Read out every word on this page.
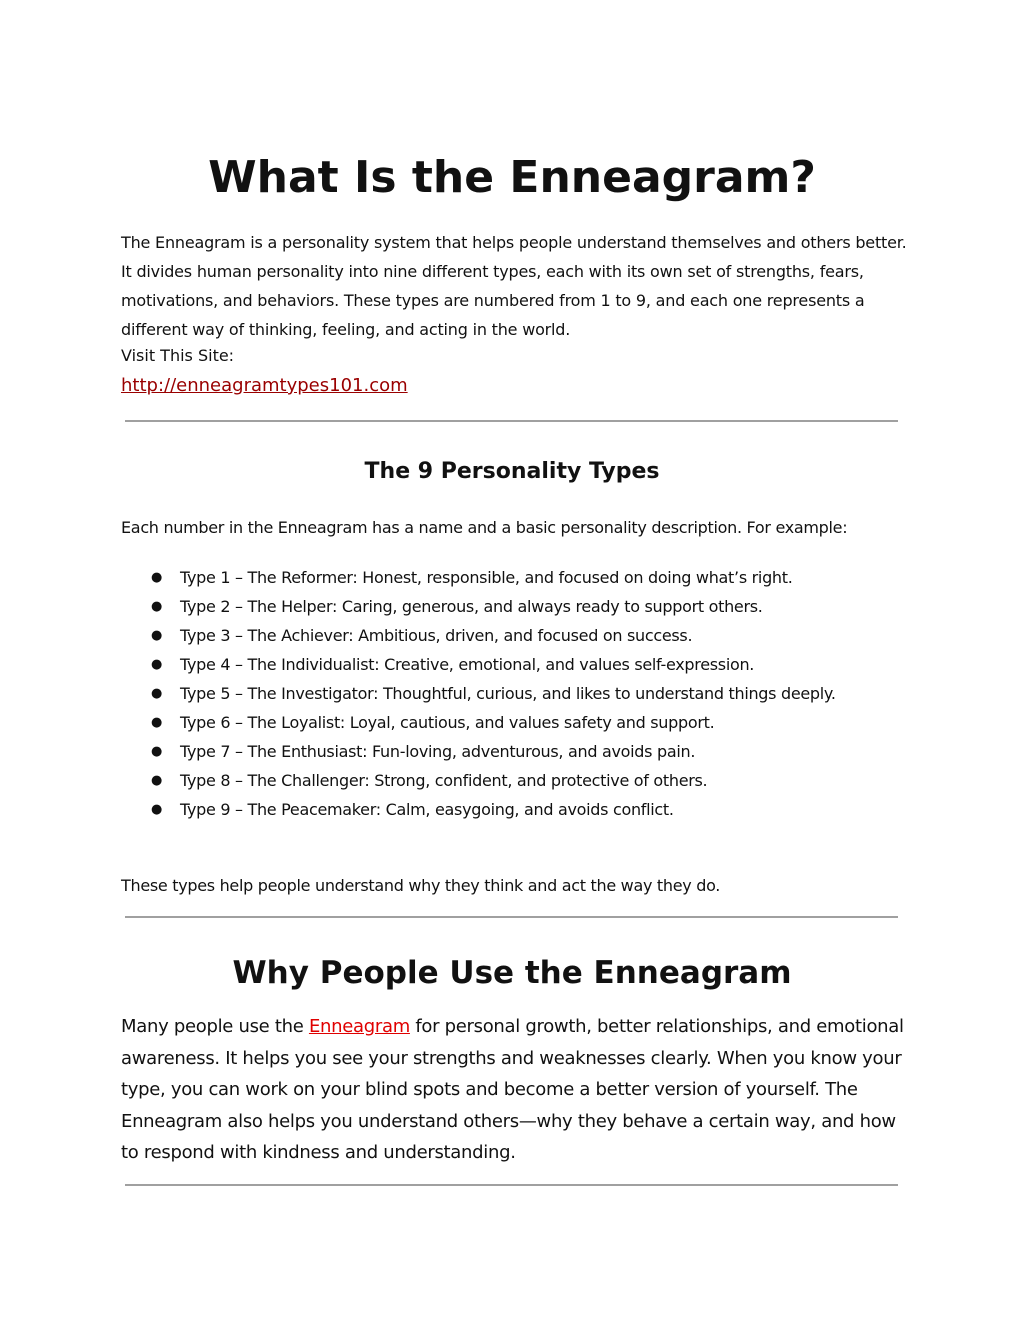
What Is the Enneagram?

The Enneagram is a personality system that helps people understand themselves and others better. It divides human personality into nine different types, each with its own set of strengths, fears, motivations, and behaviors. These types are numbered from 1 to 9, and each one represents a different way of thinking, feeling, and acting in the world.

Visit This Site:

http://enneagramtypes101.com
The 9 Personality Types

Each number in the Enneagram has a name and a basic personality description. For example:

● Type 1 – The Reformer: Honest, responsible, and focused on doing what’s right.
● Type 2 – The Helper: Caring, generous, and always ready to support others.
● Type 3 – The Achiever: Ambitious, driven, and focused on success.
● Type 4 – The Individualist: Creative, emotional, and values self-expression.
● Type 5 – The Investigator: Thoughtful, curious, and likes to understand things deeply.
● Type 6 – The Loyalist: Loyal, cautious, and values safety and support.
● Type 7 – The Enthusiast: Fun-loving, adventurous, and avoids pain.
● Type 8 – The Challenger: Strong, confident, and protective of others.
● Type 9 – The Peacemaker: Calm, easygoing, and avoids conflict.

These types help people understand why they think and act the way they do.

Why People Use the Enneagram

Many people use the Enneagram for personal growth, better relationships, and emotional awareness. It helps you see your strengths and weaknesses clearly. When you know your type, you can work on your blind spots and become a better version of yourself. The Enneagram also helps you understand others—why they behave a certain way, and how to respond with kindness and understanding.
